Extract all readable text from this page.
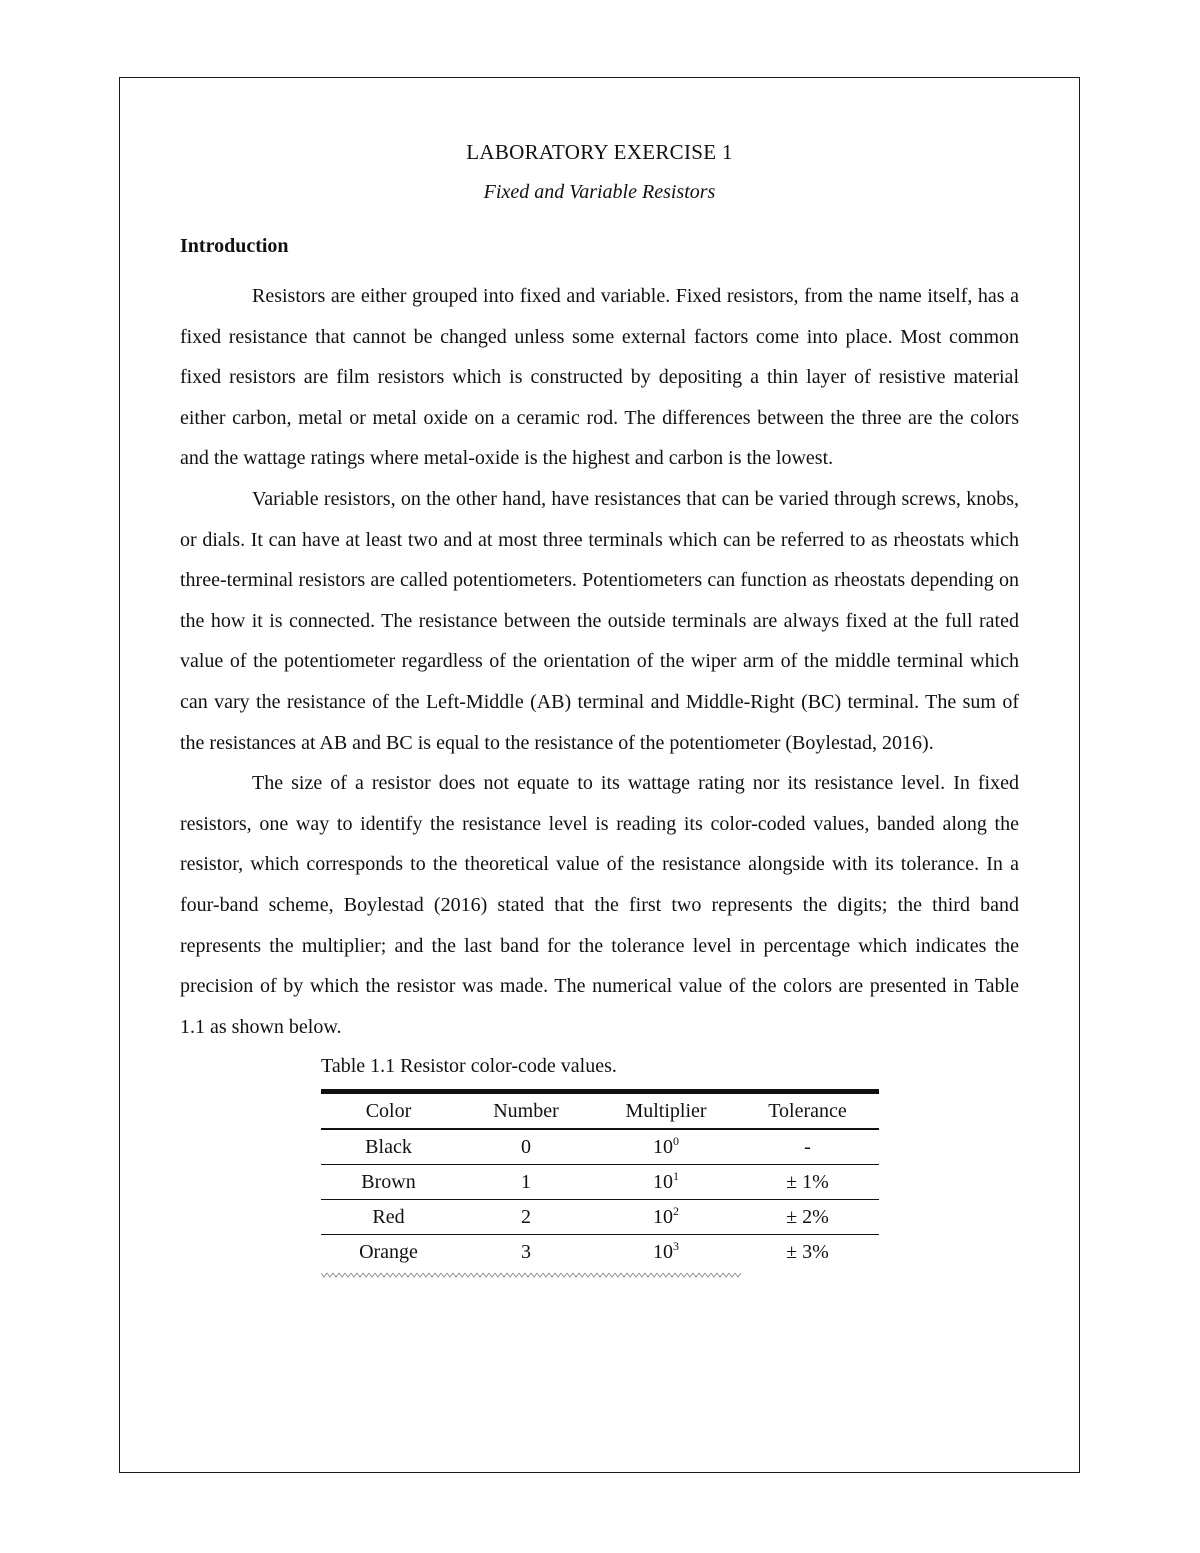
LABORATORY EXERCISE 1
Fixed and Variable Resistors
Introduction

Resistors are either grouped into fixed and variable. Fixed resistors, from the name itself, has a fixed resistance that cannot be changed unless some external factors come into place. Most common fixed resistors are film resistors which is constructed by depositing a thin layer of resistive material either carbon, metal or metal oxide on a ceramic rod. The differences between the three are the colors and the wattage ratings where metal-oxide is the highest and carbon is the lowest.

Variable resistors, on the other hand, have resistances that can be varied through screws, knobs, or dials. It can have at least two and at most three terminals which can be referred to as rheostats which three-terminal resistors are called potentiometers. Potentiometers can function as rheostats depending on the how it is connected. The resistance between the outside terminals are always fixed at the full rated value of the potentiometer regardless of the orientation of the wiper arm of the middle terminal which can vary the resistance of the Left-Middle (AB) terminal and Middle-Right (BC) terminal. The sum of the resistances at AB and BC is equal to the resistance of the potentiometer (Boylestad, 2016).

The size of a resistor does not equate to its wattage rating nor its resistance level. In fixed resistors, one way to identify the resistance level is reading its color-coded values, banded along the resistor, which corresponds to the theoretical value of the resistance alongside with its tolerance. In a four-band scheme, Boylestad (2016) stated that the first two represents the digits; the third band represents the multiplier; and the last band for the tolerance level in percentage which indicates the precision of by which the resistor was made. The numerical value of the colors are presented in Table 1.1 as shown below.

Table 1.1 Resistor color-code values.
Color	Number	Multiplier	Tolerance
Black	0	$10^0$	-
Brown	1	$10^1$	± 1%
Red	2	$10^2$	± 2%
Orange	3	$10^3$	± 3%
